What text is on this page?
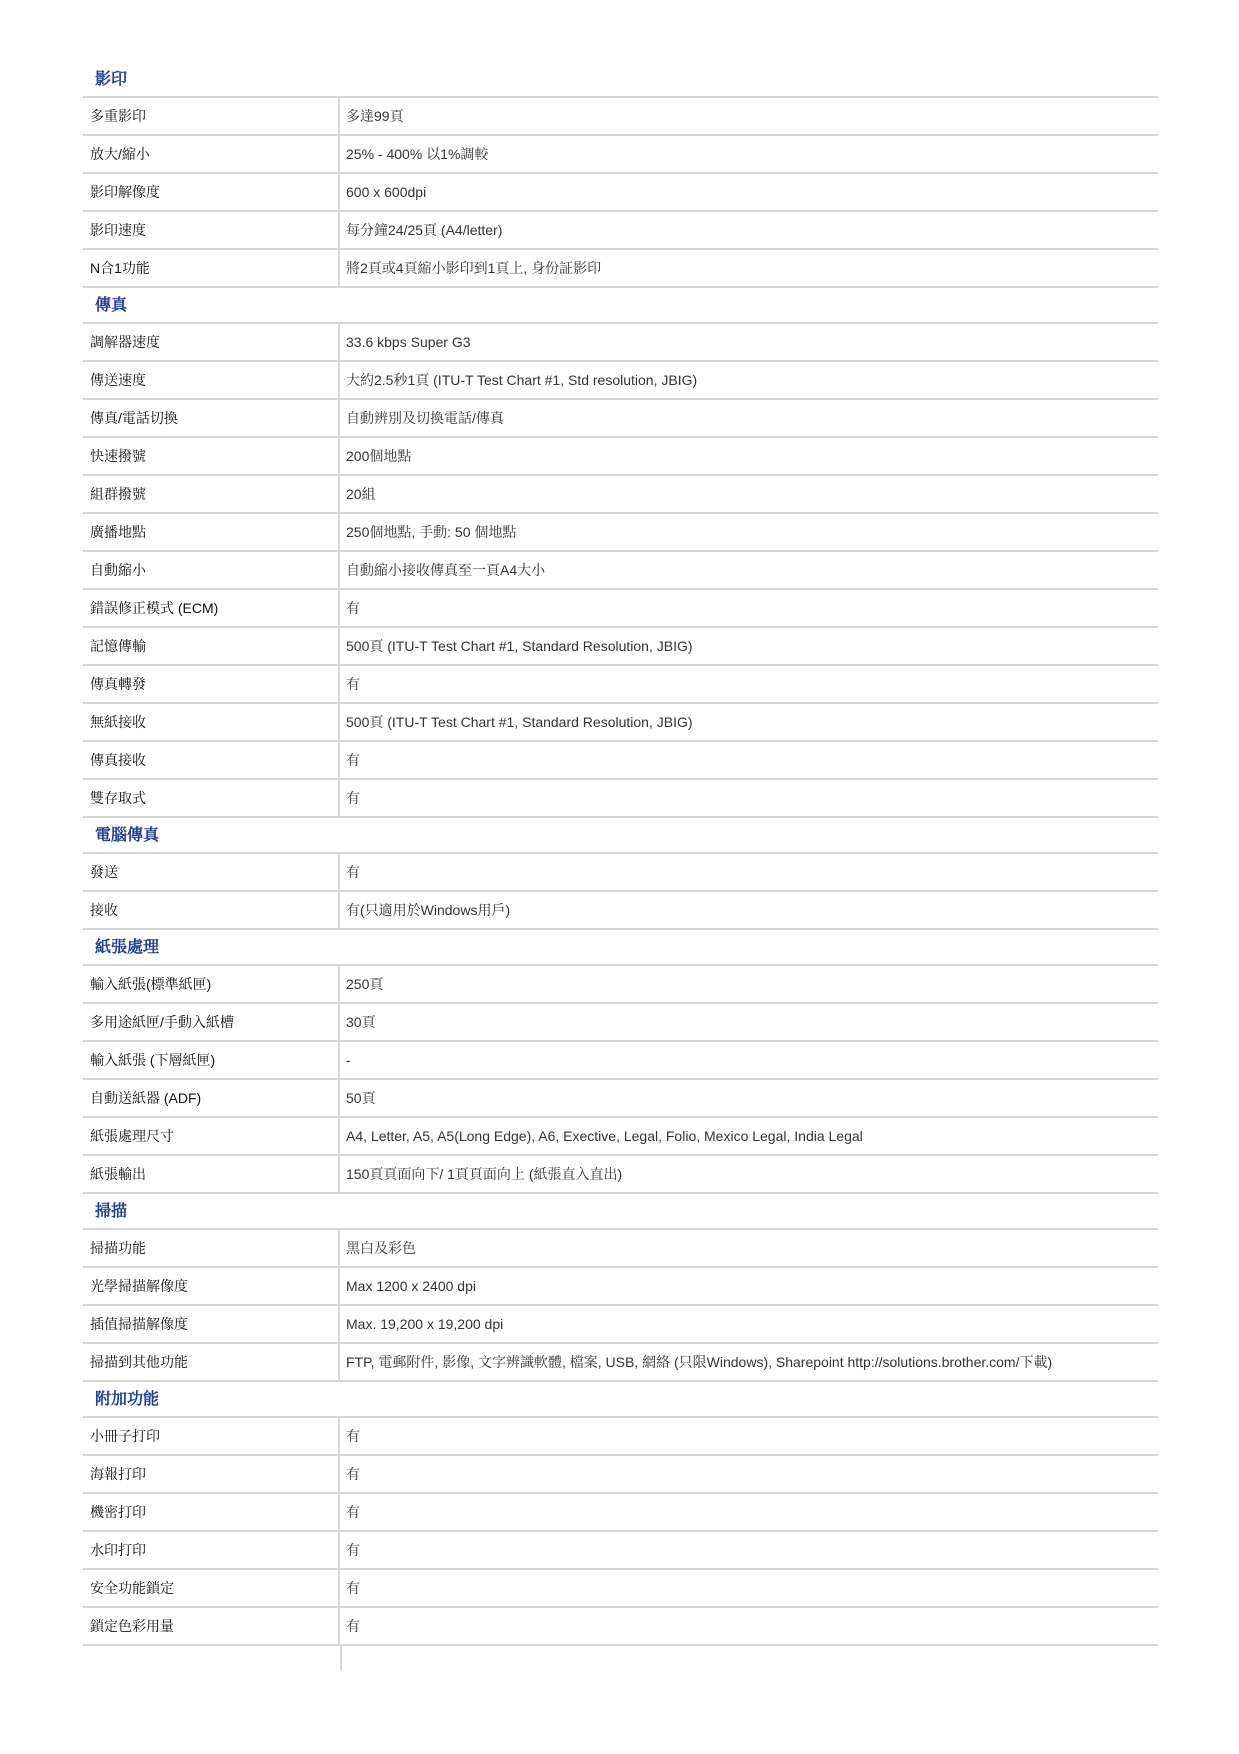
影印
多重影印	多達99頁
放大/縮小	25% - 400% 以1%調較
影印解像度	600 x 600dpi
影印速度	每分鐘24/25頁 (A4/letter)
N合1功能	將2頁或4頁縮小影印到1頁上, 身份証影印
傳真
調解器速度	33.6 kbps Super G3
傳送速度	大約2.5秒1頁 (ITU-T Test Chart #1, Std resolution, JBIG)
傳真/電話切換	自動辨別及切換電話/傳真
快速撥號	200個地點
組群撥號	20組
廣播地點	250個地點, 手動: 50 個地點
自動縮小	自動縮小接收傳真至一頁A4大小
錯誤修正模式 (ECM)	有
記憶傳輸	500頁 (ITU-T Test Chart #1, Standard Resolution, JBIG)
傳真轉發	有
無紙接收	500頁 (ITU-T Test Chart #1, Standard Resolution, JBIG)
傳真接收	有
雙存取式	有
電腦傳真
發送	有
接收	有(只適用於Windows用戶)
紙張處理
輸入紙張(標準紙匣)	250頁
多用途紙匣/手動入紙槽	30頁
輸入紙張 (下層紙匣)	-
自動送紙器 (ADF)	50頁
紙張處理尺寸	A4, Letter, A5, A5(Long Edge), A6, Exective, Legal, Folio, Mexico Legal, India Legal
紙張輸出	150頁頁面向下/ 1頁頁面向上 (紙張直入直出)
掃描
掃描功能	黑白及彩色
光學掃描解像度	Max 1200 x 2400 dpi
插值掃描解像度	Max. 19,200 x 19,200 dpi
掃描到其他功能	FTP, 電郵附件, 影像, 文字辨識軟體, 檔案, USB, 網絡 (只限Windows), Sharepoint http://solutions.brother.com/下載)
附加功能
小冊子打印	有
海報打印	有
機密打印	有
水印打印	有
安全功能鎖定	有
鎖定色彩用量	有
